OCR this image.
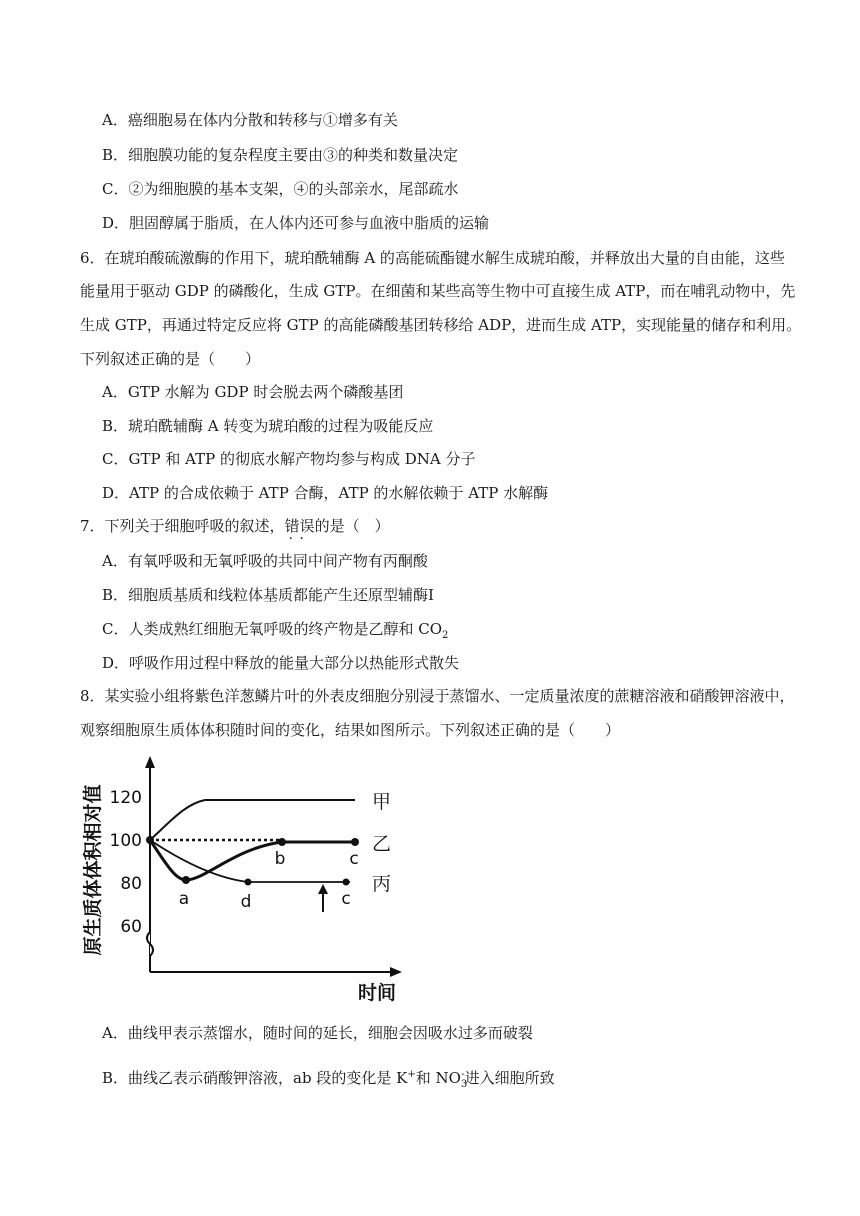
A．癌细胞易在体内分散和转移与①增多有关
B．细胞膜功能的复杂程度主要由③的种类和数量决定
C．②为细胞膜的基本支架，④的头部亲水，尾部疏水
D．胆固醇属于脂质，在人体内还可参与血液中脂质的运输
6．在琥珀酸硫激酶的作用下，琥珀酰辅酶 A 的高能硫酯键水解生成琥珀酸，并释放出大量的自由能，这些
能量用于驱动 GDP 的磷酸化，生成 GTP。在细菌和某些高等生物中可直接生成 ATP，而在哺乳动物中，先
生成 GTP，再通过特定反应将 GTP 的高能磷酸基团转移给 ADP，进而生成 ATP，实现能量的储存和利用。
下列叙述正确的是（　　）
A．GTP 水解为 GDP 时会脱去两个磷酸基团
B．琥珀酰辅酶 A 转变为琥珀酸的过程为吸能反应
C．GTP 和 ATP 的彻底水解产物均参与构成 DNA 分子
D．ATP 的合成依赖于 ATP 合酶，ATP 的水解依赖于 ATP 水解酶
7．下列关于细胞呼吸的叙述，错误 · ·的是（　）
A．有氧呼吸和无氧呼吸的共同中间产物有丙酮酸
B．细胞质基质和线粒体基质都能产生还原型辅酶Ⅰ
C．人类成熟红细胞无氧呼吸的终产物是乙醇和 $CO_2$
D．呼吸作用过程中释放的能量大部分以热能形式散失
8．某实验小组将紫色洋葱鳞片叶的外表皮细胞分别浸于蒸馏水、一定质量浓度的蔗糖溶液和硝酸钾溶液中，
观察细胞原生质体体积随时间的变化，结果如图所示。下列叙述正确的是（　　）
120
100
80
60
原生质体体积相对值
时间
a
b	c
d	c
甲
乙
丙
A．曲线甲表示蒸馏水，随时间的延长，细胞会因吸水过多而破裂
B．曲线乙表示硝酸钾溶液，ab 段的变化是 K+和 $NO_3^-$进入细胞所致
